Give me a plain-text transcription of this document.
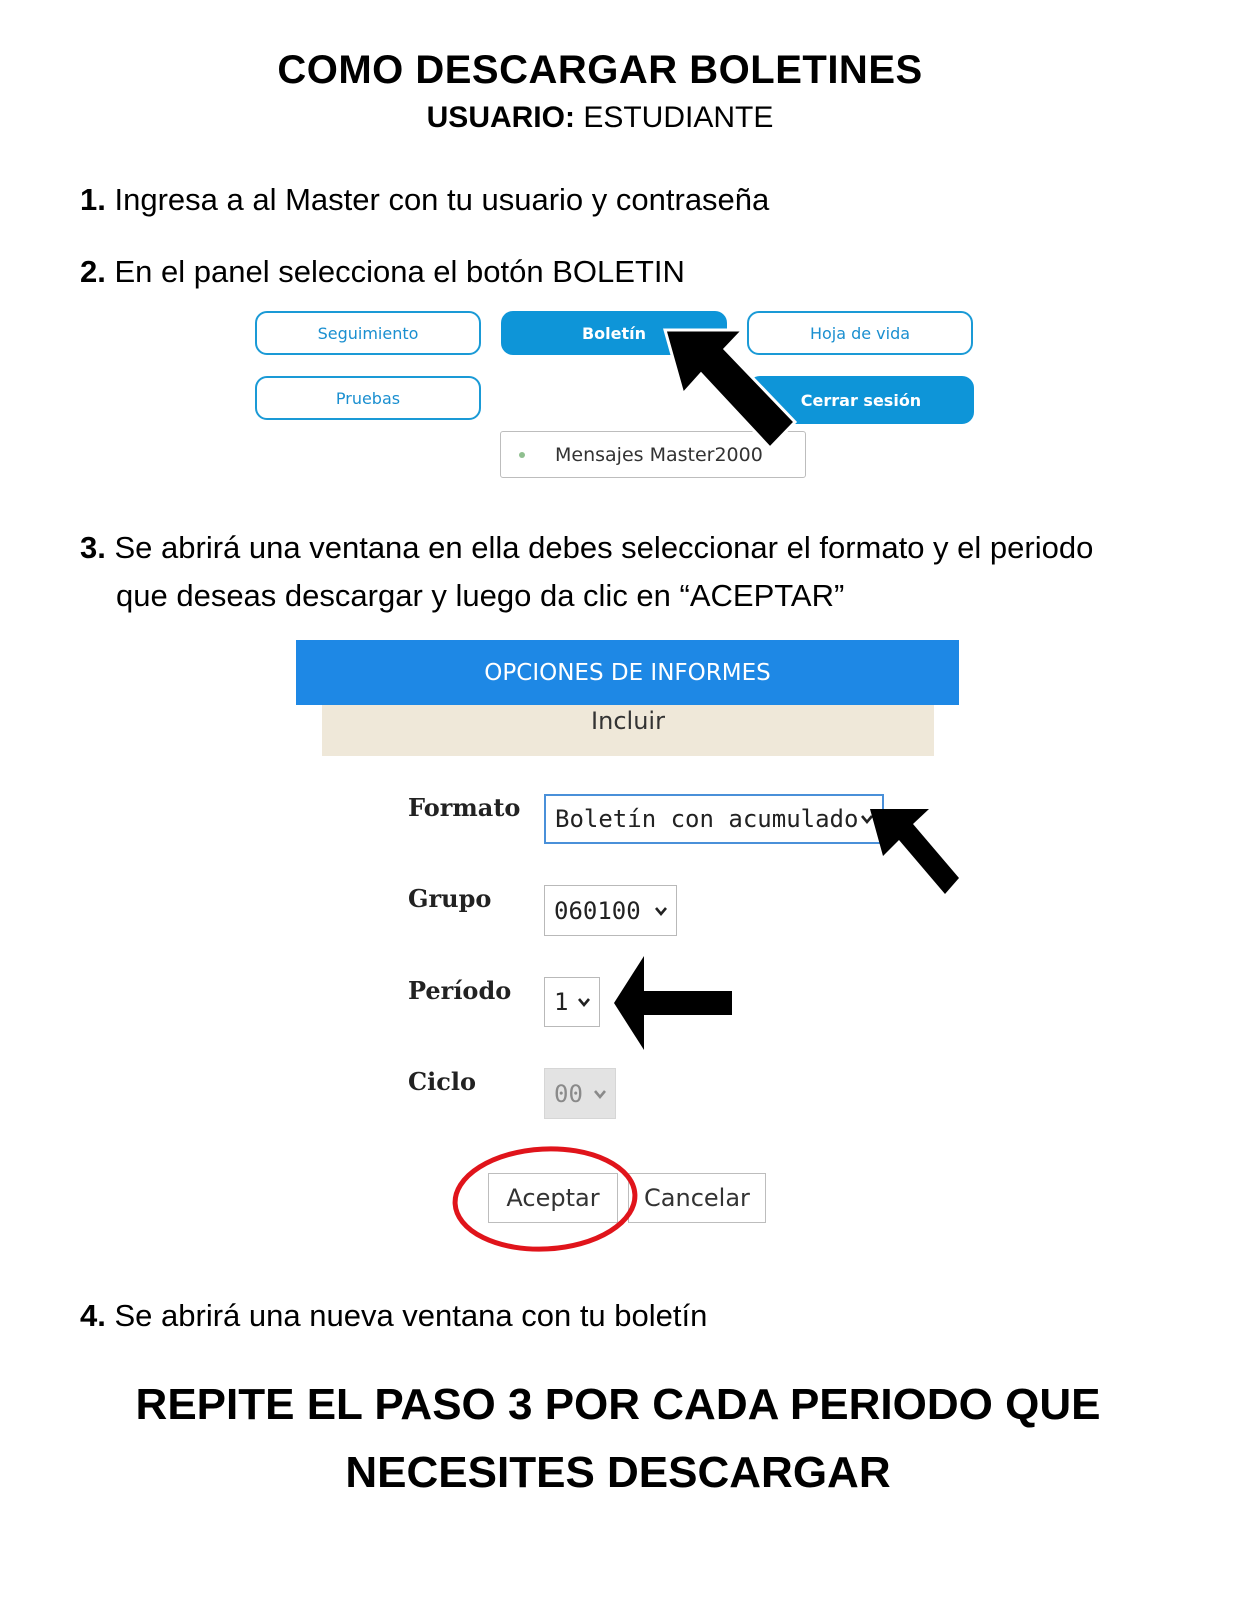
COMO DESCARGAR BOLETINES
USUARIO: ESTUDIANTE
1. Ingresa a al Master con tu usuario y contraseña
2. En el panel selecciona el botón BOLETIN
Seguimiento	Boletín	Hoja de vida
Pruebas	Cerrar sesión
Mensajes Master2000
3. Se abrirá una ventana en ella debes seleccionar el formato y el periodo
que deseas descargar y luego da clic en “ACEPTAR”
OPCIONES DE INFORMES
Incluir
Formato Boletín con acumulado
Grupo	060100
Período 1
Ciclo	00
Aceptar	Cancelar
4. Se abrirá una nueva ventana con tu boletín
REPITE EL PASO 3 POR CADA PERIODO QUE
NECESITES DESCARGAR
